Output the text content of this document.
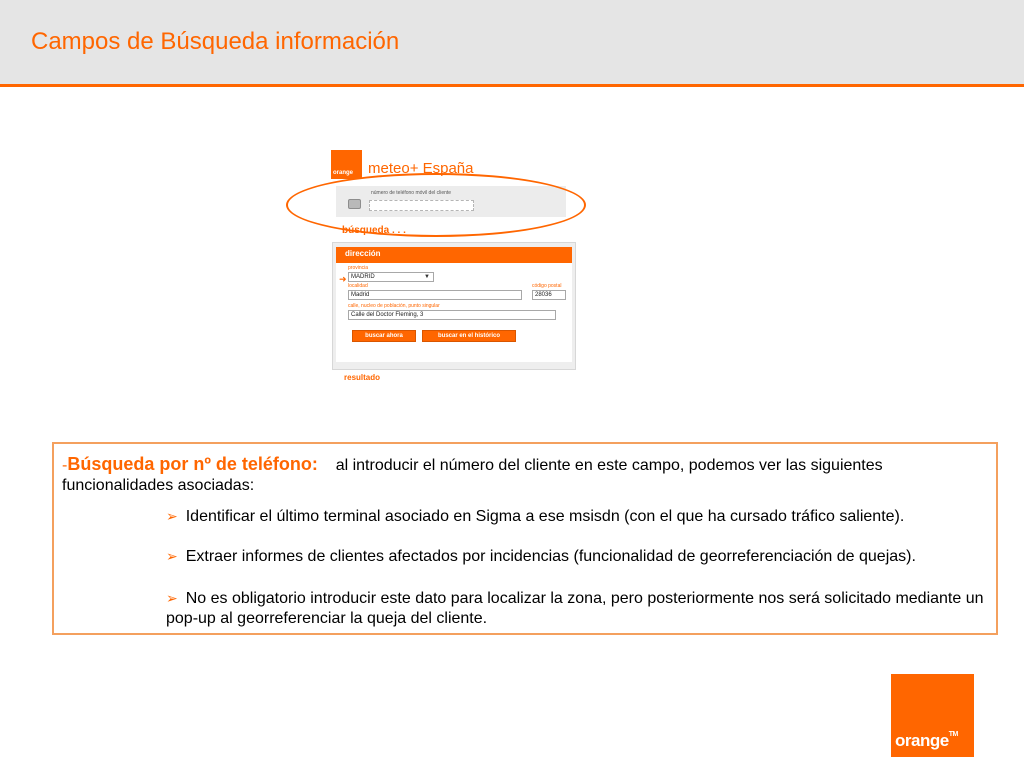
Campos de Búsqueda información
orange meteo+ España
número de teléfono móvil del cliente
búsqueda . . .
dirección
➜
provincia
MADRID	▼
localidad
Madrid
código postal
28036
calle, nucleo de población, punto singular
Calle del Doctor Fleming, 3
buscar ahora	buscar en el histórico
resultado
-Búsqueda por nº de teléfono: al introducir el número del cliente en este campo, podemos ver las siguientes funcionalidades asociadas:
➢ Identificar el último terminal asociado en Sigma a ese msisdn (con el que ha cursado tráfico saliente).
➢ Extraer informes de clientes afectados por incidencias (funcionalidad de georreferenciación de quejas).
➢ No es obligatorio introducir este dato para localizar la zona, pero posteriormente nos será solicitado mediante un pop-up al georreferenciar la queja del cliente.
orange™
